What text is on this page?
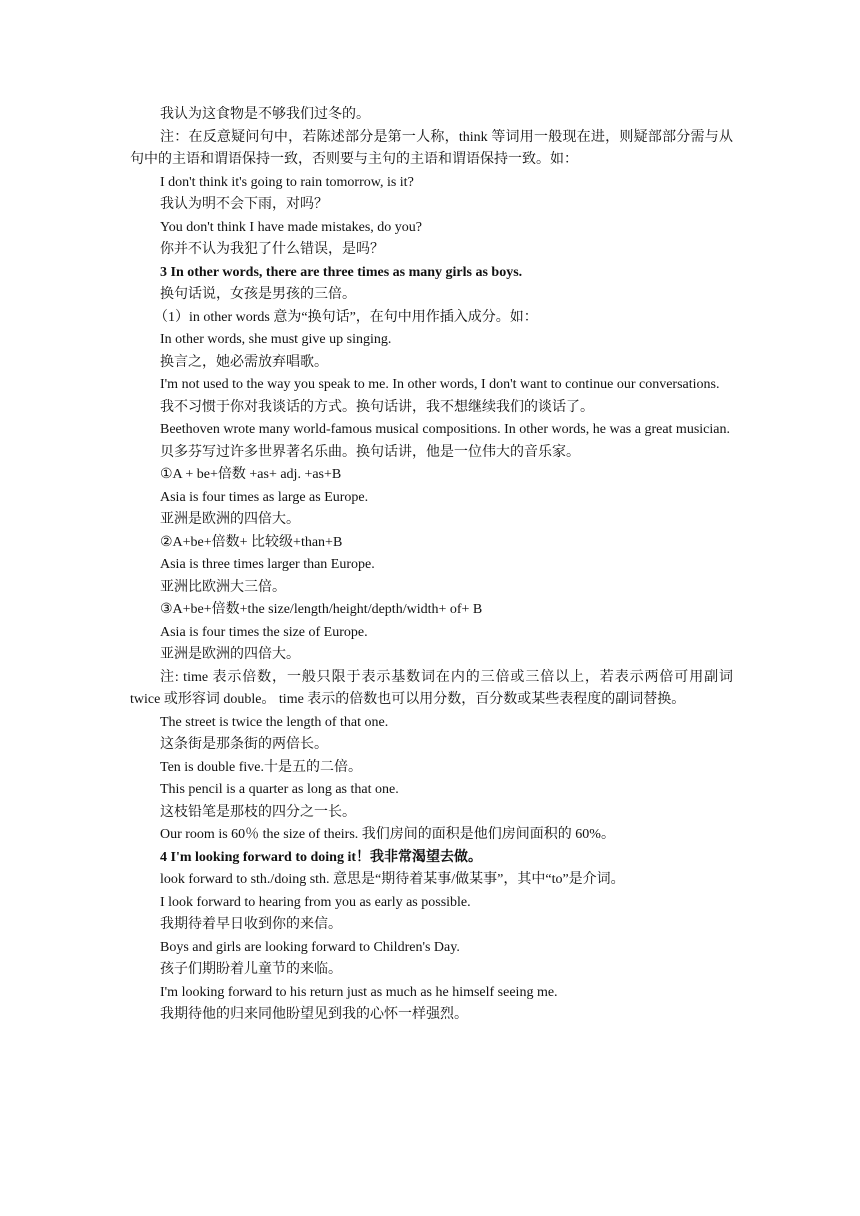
我认为这食物是不够我们过冬的。

注：在反意疑问句中，若陈述部分是第一人称，think 等词用一般现在进，则疑部部分需与从句中的主语和谓语保持一致，否则要与主句的主语和谓语保持一致。如：

I don't think it's going to rain tomorrow, is it?

我认为明不会下雨，对吗？

You don't think I have made mistakes, do you?

你并不认为我犯了什么错误，是吗？

3 In other words, there are three times as many girls as boys.

换句话说，女孩是男孩的三倍。

（1）in other words 意为“换句话”，在句中用作插入成分。如：

In other words, she must give up singing.

换言之，她必需放弃唱歌。

I'm not used to the way you speak to me. In other words, I don't want to continue our conversations.

我不习惯于你对我谈话的方式。换句话讲，我不想继续我们的谈话了。

Beethoven wrote many world-famous musical compositions. In other words, he was a great musician.

贝多芬写过许多世界著名乐曲。换句话讲，他是一位伟大的音乐家。

①A + be+倍数 +as+ adj. +as+B

Asia is four times as large as Europe.

亚洲是欧洲的四倍大。

②A+be+倍数+ 比较级+than+B

Asia is three times larger than Europe.

亚洲比欧洲大三倍。

③A+be+倍数+the size/length/height/depth/width+ of+ B

Asia is four times the size of Europe.

亚洲是欧洲的四倍大。

注: time 表示倍数，一般只限于表示基数词在内的三倍或三倍以上，若表示两倍可用副词 twice 或形容词 double。 time 表示的倍数也可以用分数，百分数或某些表程度的副词替换。

The street is twice the length of that one.

这条街是那条街的两倍长。

Ten is double five.十是五的二倍。

This pencil is a quarter as long as that one.

这枝铅笔是那枝的四分之一长。

Our room is 60％ the size of theirs. 我们房间的面积是他们房间面积的 60%。

4 I'm looking forward to doing it！我非常渴望去做。

look forward to sth./doing sth. 意思是“期待着某事/做某事”，其中“to”是介词。

I look forward to hearing from you as early as possible.

我期待着早日收到你的来信。

Boys and girls are looking forward to Children's Day.

孩子们期盼着儿童节的来临。

I'm looking forward to his return just as much as he himself seeing me.

我期待他的归来同他盼望见到我的心怀一样强烈。
